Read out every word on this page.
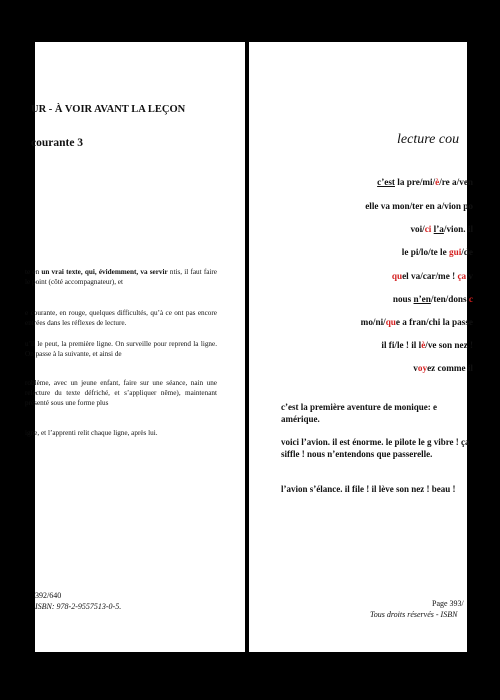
UR - À VOIR AVANT LA LEÇON

courante 3

te en un vrai texte, qui, évidemment, va servir ntis, il faut faire le point (côté accompagnateur), et

e courante, en rouge, quelques difficultés, qu’à ce ont pas encore entrées dans les réflexes de lecture.

u’il le peut, la première ligne. On surveille pour reprend la ligne. On passe à la suivante, et ainsi de

roblème, avec un jeune enfant, faire sur une séance, nain une relecture du texte défriché, et s’appliquer nême), maintenant présenté sous une forme plus

igne, et l’apprenti relit chaque ligne, après lui.

392/640

ISBN: 978-2-9557513-0-5.

lecture cou

c’est la pre/mi/è/re a/ven

elle va mon/ter en a/vion po

voi/ci l’a/vion. il

le pi/lo/te le gui/de

quel va/car/me ! ça v

nous n’en/ten/dons c

mo/ni/que a fran/chi la passe

il fi/le ! il lè/ve son nez !

voyez comme il

c’est la première aventure de monique: e amérique.

voici l’avion. il est énorme. le pilote le g vibre ! ça siffle ! nous n’entendons que passerelle.

l’avion s’élance. il file ! il lève son nez ! beau !

Page 393/

Tous droits réservés - ISBN
